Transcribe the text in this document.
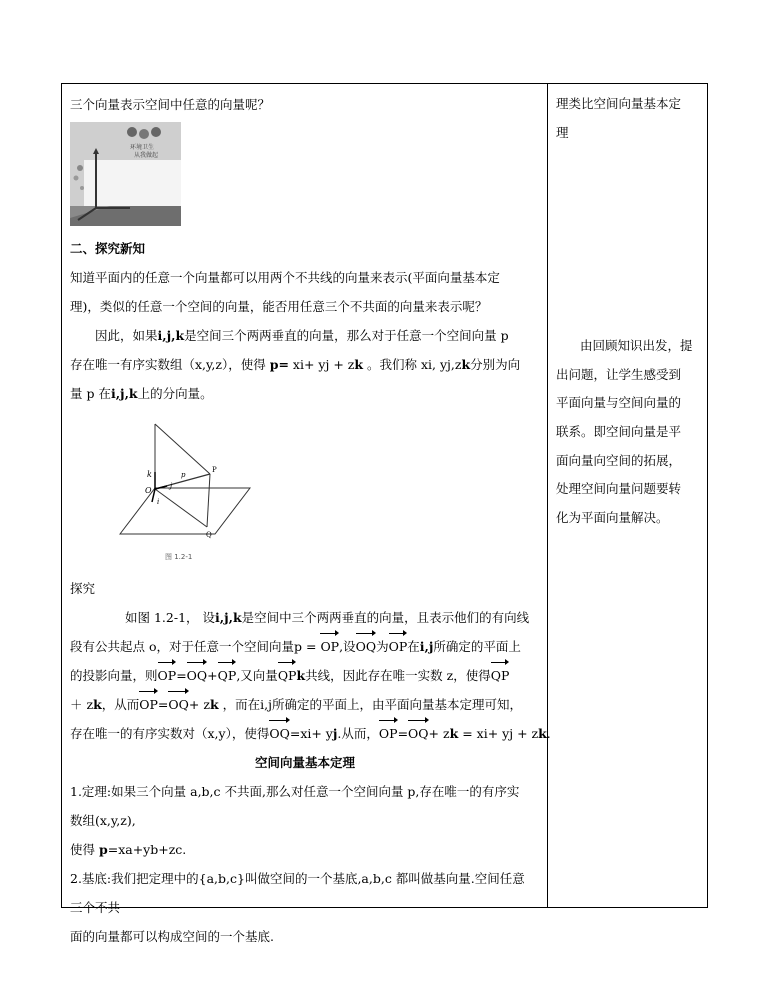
三个向量表示空间中任意的向量呢？

环境卫生
从我做起

二、探究新知

知道平面内的任意一个向量都可以用两个不共线的向量来表示(平面向量基本定

理)，类似的任意一个空间的向量，能否用任意三个不共面的向量来表示呢？

因此，如果i,j,k是空间三个两两垂直的向量，那么对于任意一个空间向量 p

存在唯一有序实数组（x,y,z），使得 p= xi+ yj + zk 。我们称 xi, yj,zk分别为向

量 p 在i,j,k上的分向量。

k	P
p
O
i
j
Q
图 1.2-1

探究

如图 1.2-1， 设i,j,k是空间中三个两两垂直的向量，且表示他们的有向线

段有公共起点 o，对于任意一个空间向量p = OP,设OQ为OP在i,j所确定的平面上

的投影向量，则OP=OQ+QP,又向量QPk共线，因此存在唯一实数 z，使得QP

＋ zk，从而OP=OQ+ zk ，而在i,j所确定的平面上，由平面向量基本定理可知，

存在唯一的有序实数对（x,y），使得OQ=xi+ yj.从而，OP=OQ+ zk = xi+ yj + zk.

空间向量基本定理

1.定理:如果三个向量 a,b,c 不共面,那么对任意一个空间向量 p,存在唯一的有序实

数组(x,y,z),

使得 p=xa+yb+zc.

2.基底:我们把定理中的{a,b,c}叫做空间的一个基底,a,b,c 都叫做基向量.空间任意

三个不共

面的向量都可以构成空间的一个基底.

理类比空间向量基本定

理

由回顾知识出发，提

出问题，让学生感受到

平面向量与空间向量的

联系。即空间向量是平

面向量向空间的拓展，

处理空间向量问题要转

化为平面向量解决。
